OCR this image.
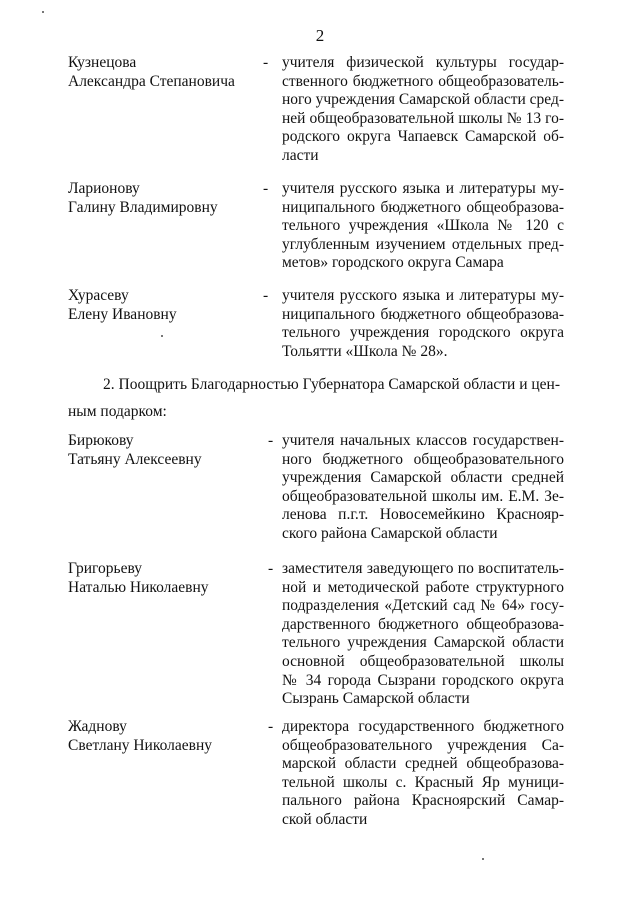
2
Кузнецова
Александра Степановича
- учителя физической культуры государ-
ственного бюджетного общеобразователь-
ного учреждения Самарской области сред-
ней общеобразовательной школы № 13 го-
родского округа Чапаевск Самарской об-
ласти
Ларионову
Галину Владимировну
- учителя русского языка и литературы му-
ниципального бюджетного общеобразова-
тельного учреждения «Школа № 120 с
углубленным изучением отдельных пред-
метов» городского округа Самара
Хурасеву
Елену Ивановну
- учителя русского языка и литературы му-
ниципального бюджетного общеобразова-
тельного учреждения городского округа
Тольятти «Школа № 28».
2. Поощрить Благодарностью Губернатора Самарской области и цен-
ным подарком:
Бирюкову
Татьяну Алексеевну
- учителя начальных классов государствен-
ного бюджетного общеобразовательного
учреждения Самарской области средней
общеобразовательной школы им. Е.М. Зе-
ленова п.г.т. Новосемейкино Краснояр-
ского района Самарской области
Григорьеву
Наталью Николаевну
- заместителя заведующего по воспитатель-
ной и методической работе структурного
подразделения «Детский сад № 64» госу-
дарственного бюджетного общеобразова-
тельного учреждения Самарской области
основной общеобразовательной школы
№ 34 города Сызрани городского округа
Сызрань Самарской области
Жаднову
Светлану Николаевну
- директора государственного бюджетного
общеобразовательного учреждения Са-
марской области средней общеобразова-
тельной школы с. Красный Яр муници-
пального района Красноярский Самар-
ской области
